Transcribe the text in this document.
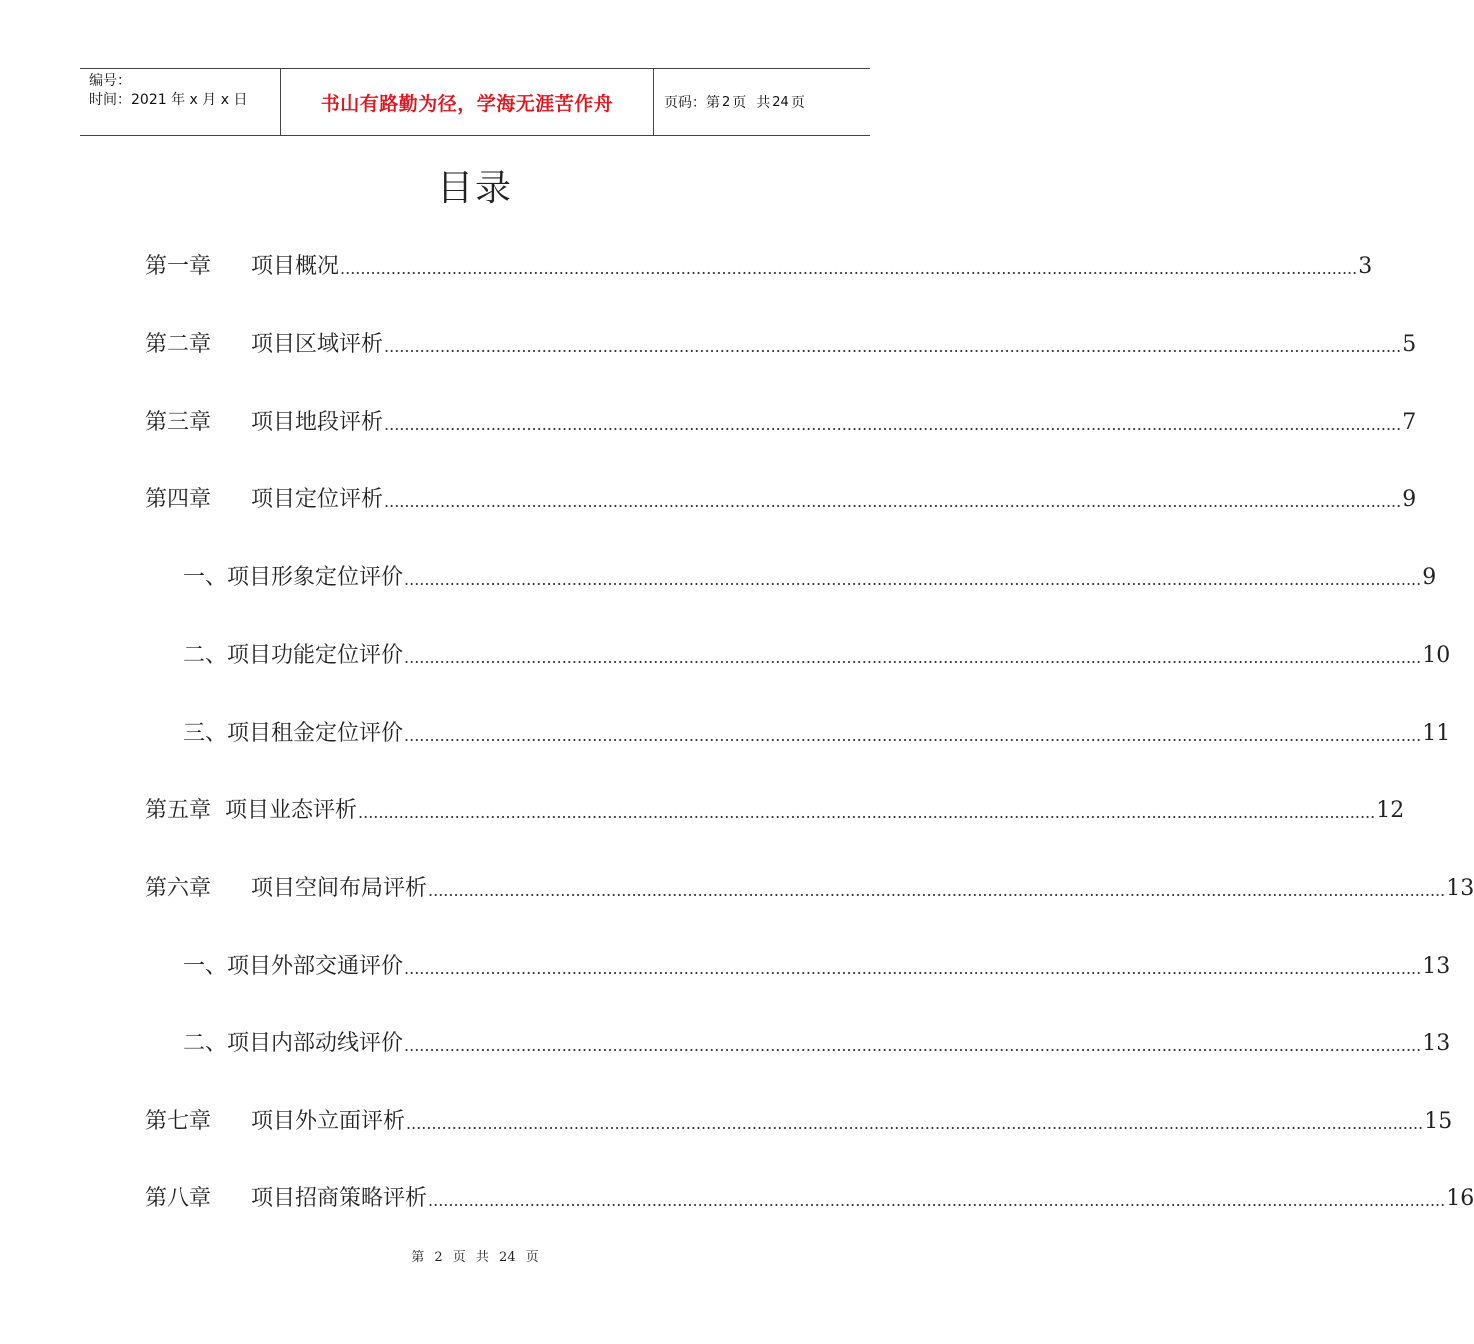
编号：
时间：2021 年 x 月 x 日	书山有路勤为径，学海无涯苦作舟	页码：第 2 页 共 24 页
目录
第一章 项目概况 ........................................................................................................................................................................................................ 3
第二章 项目区域评析 ........................................................................................................................................................................................................ 5
第三章 项目地段评析 ........................................................................................................................................................................................................ 7
第四章 项目定位评析 ........................................................................................................................................................................................................ 9
一、项目形象定位评价 ........................................................................................................................................................................................................ 9
二、项目功能定位评价 ........................................................................................................................................................................................................ 10
三、项目租金定位评价 ........................................................................................................................................................................................................ 11
第五章 项目业态评析 ........................................................................................................................................................................................................ 12
第六章 项目空间布局评析 ........................................................................................................................................................................................................ 13
一、项目外部交通评价 ........................................................................................................................................................................................................ 13
二、项目内部动线评价 ........................................................................................................................................................................................................ 13
第七章 项目外立面评析 ........................................................................................................................................................................................................ 15
第八章 项目招商策略评析 ........................................................................................................................................................................................................ 16
第 2 页 共 24 页
